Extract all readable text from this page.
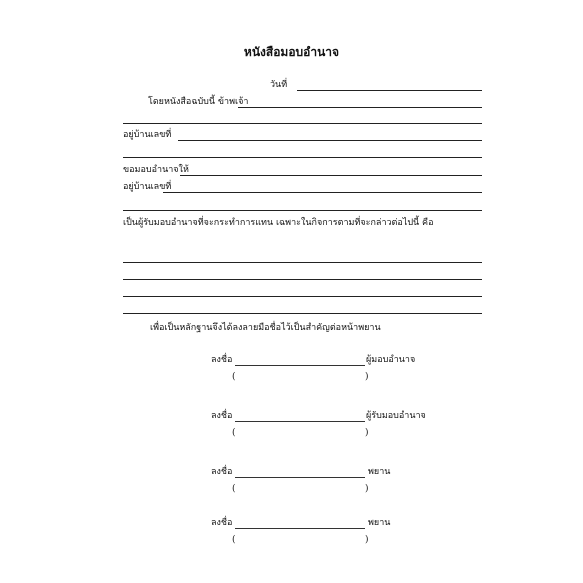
หนังสือมอบอำนาจ
วันที่
โดยหนังสือฉบับนี้ ข้าพเจ้า
อยู่บ้านเลขที่
ขอมอบอำนาจให้
อยู่บ้านเลขที่
เป็นผู้รับมอบอำนาจที่จะกระทำการแทน เฉพาะในกิจการตามที่จะกล่าวต่อไปนี้ คือ
เพื่อเป็นหลักฐานจึงได้ลงลายมือชื่อไว้เป็นสำคัญต่อหน้าพยาน
ลงชื่อ	ผู้มอบอำนาจ
(	)
ลงชื่อ	ผู้รับมอบอำนาจ
(	)
ลงชื่อ	พยาน
(	)
ลงชื่อ	พยาน
(	)
